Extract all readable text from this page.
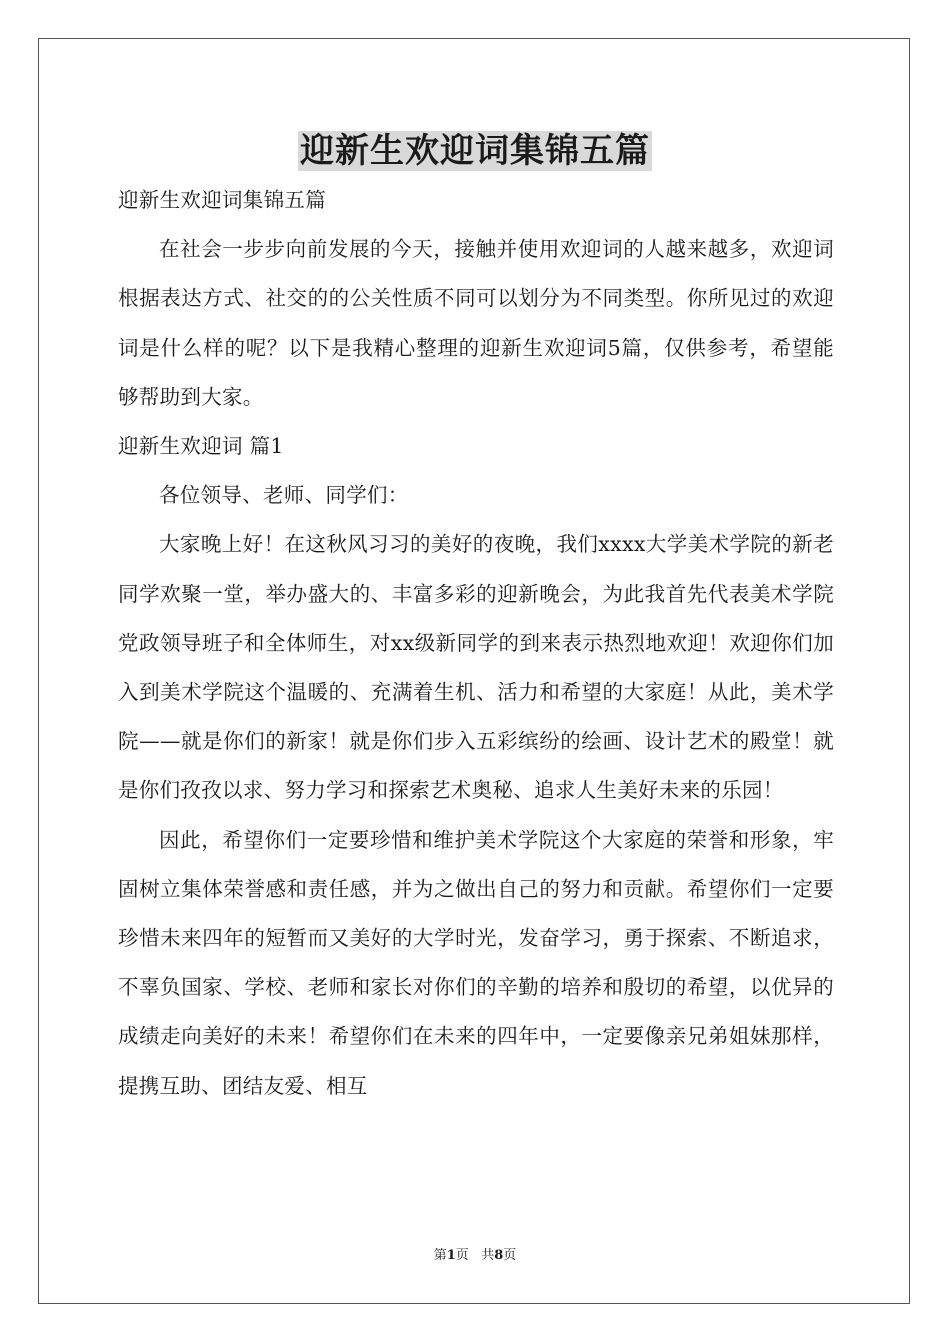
迎新生欢迎词集锦五篇

迎新生欢迎词集锦五篇

在社会一步步向前发展的今天，接触并使用欢迎词的人越来越多，欢迎词根据表达方式、社交的的公关性质不同可以划分为不同类型。你所见过的欢迎词是什么样的呢？以下是我精心整理的迎新生欢迎词5篇，仅供参考，希望能够帮助到大家。

迎新生欢迎词 篇1

各位领导、老师、同学们：

大家晚上好！在这秋风习习的美好的夜晚，我们xxxx大学美术学院的新老同学欢聚一堂，举办盛大的、丰富多彩的迎新晚会，为此我首先代表美术学院党政领导班子和全体师生，对xx级新同学的到来表示热烈地欢迎！欢迎你们加入到美术学院这个温暖的、充满着生机、活力和希望的大家庭！从此，美术学院——就是你们的新家！就是你们步入五彩缤纷的绘画、设计艺术的殿堂！就是你们孜孜以求、努力学习和探索艺术奥秘、追求人生美好未来的乐园！

因此，希望你们一定要珍惜和维护美术学院这个大家庭的荣誉和形象，牢固树立集体荣誉感和责任感，并为之做出自己的努力和贡献。希望你们一定要珍惜未来四年的短暂而又美好的大学时光，发奋学习，勇于探索、不断追求，不辜负国家、学校、老师和家长对你们的辛勤的培养和殷切的希望，以优异的成绩走向美好的未来！希望你们在未来的四年中，一定要像亲兄弟姐妹那样，提携互助、团结友爱、相互

第1页 共8页
